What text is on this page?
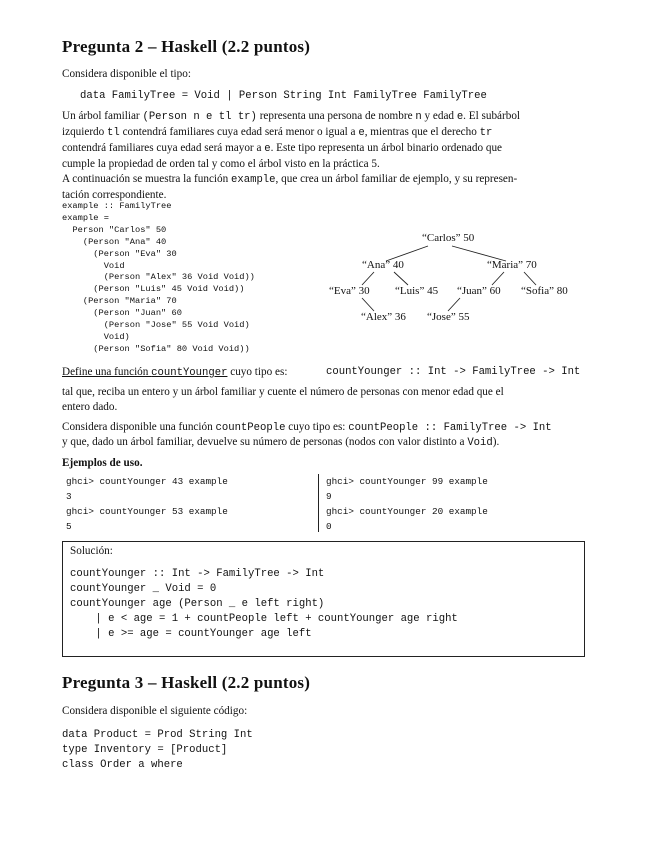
Pregunta 2 – Haskell (2.2 puntos)
Considera disponible el tipo:
data FamilyTree = Void | Person String Int FamilyTree FamilyTree
Un árbol familiar (Person n e tl tr) representa una persona de nombre n y edad e. El subárbol
izquierdo tl contendrá familiares cuya edad será menor o igual a e, mientras que el derecho tr
contendrá familiares cuya edad será mayor a e. Este tipo representa un árbol binario ordenado que
cumple la propiedad de orden tal y como el árbol visto en la práctica 5.
A continuación se muestra la función example, que crea un árbol familiar de ejemplo, y su represen-
tación correspondiente.
example :: FamilyTree
example =
Person "Carlos" 50
(Person "Ana" 40
(Person "Eva" 30
Void
(Person "Alex" 36 Void Void))
(Person "Luis" 45 Void Void))
(Person "Maria" 70
(Person "Juan" 60
(Person "Jose" 55 Void Void)
Void)
(Person "Sofia" 80 Void Void))
“Carlos” 50
“Ana” 40	“Maria” 70
“Eva” 30 “Luis” 45 “Juan” 60 “Sofia” 80
“Alex” 36 “Jose” 55
Define una función countYounger cuyo tipo es:	countYounger :: Int -> FamilyTree -> Int
tal que, reciba un entero y un árbol familiar y cuente el número de personas con menor edad que el
entero dado.
Considera disponible una función countPeople cuyo tipo es: countPeople :: FamilyTree -> Int
y que, dado un árbol familiar, devuelve su número de personas (nodos con valor distinto a Void).
Ejemplos de uso.
ghci> countYounger 43 example
3
ghci> countYounger 53 example
5
ghci> countYounger 99 example
9
ghci> countYounger 20 example
0
Solución:
countYounger :: Int -> FamilyTree -> Int
countYounger _ Void = 0
countYounger age (Person _ e left right)
| e < age = 1 + countPeople left + countYounger age right
| e >= age = countYounger age left
Pregunta 3 – Haskell (2.2 puntos)
Considera disponible el siguiente código:
data Product = Prod String Int
type Inventory = [Product]
class Order a where
